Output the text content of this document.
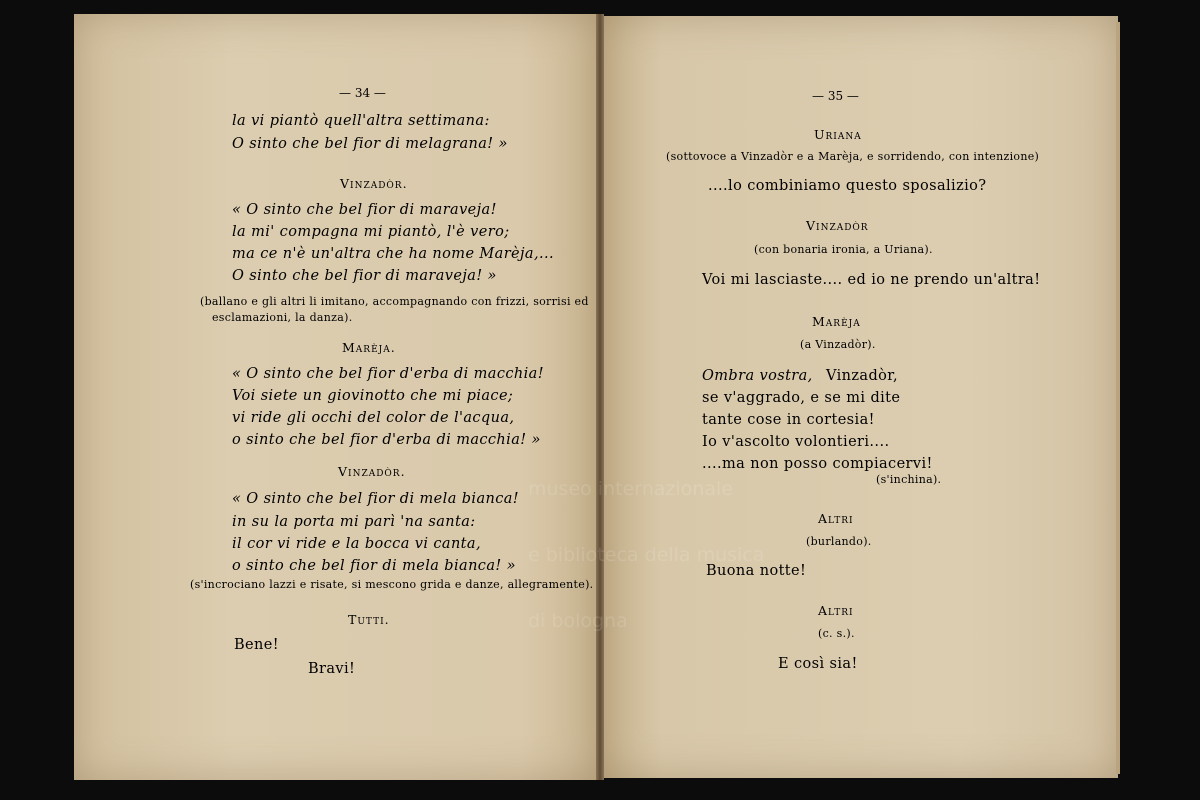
— 34 —
la vi piantò quell'altra settimana:
O sinto che bel fior di melagrana! »
Vinzadòr.
« O sinto che bel fior di maraveja!
la mi' compagna mi piantò, l'è vero;
ma ce n'è un'altra che ha nome Marèja,...
O sinto che bel fior di maraveja! »
(ballano e gli altri li imitano, accompagnando con frizzi, sorrisi ed
esclamazioni, la danza).
Marèja.
« O sinto che bel fior d'erba di macchia!
Voi siete un giovinotto che mi piace;
vi ride gli occhi del color de l'acqua,
o sinto che bel fior d'erba di macchia! »
Vinzadòr.
« O sinto che bel fior di mela bianca!
in su la porta mi parì 'na santa:
il cor vi ride e la bocca vi canta,
o sinto che bel fior di mela bianca! »
(s'incrociano lazzi e risate, si mescono grida e danze, allegramente).
Tutti.
Bene!
Bravi!
— 35 —
Uriana
(sottovoce a Vinzadòr e a Marèja, e sorridendo, con intenzione)
....lo combiniamo questo sposalizio?
Vinzadòr
(con bonaria ironia, a Uriana).
Voi mi lasciaste.... ed io ne prendo un'altra!
Marèja
(a Vinzadòr).
Ombra vostra, Vinzadòr,
se v'aggrado, e se mi dite
tante cose in cortesia!
Io v'ascolto volontieri....
....ma non posso compiacervi!
(s'inchina).
Altri
(burlando).
Buona notte!
Altri
(c. s.).
E così sia!

museo internazionale

e biblioteca della musica

di bologna
